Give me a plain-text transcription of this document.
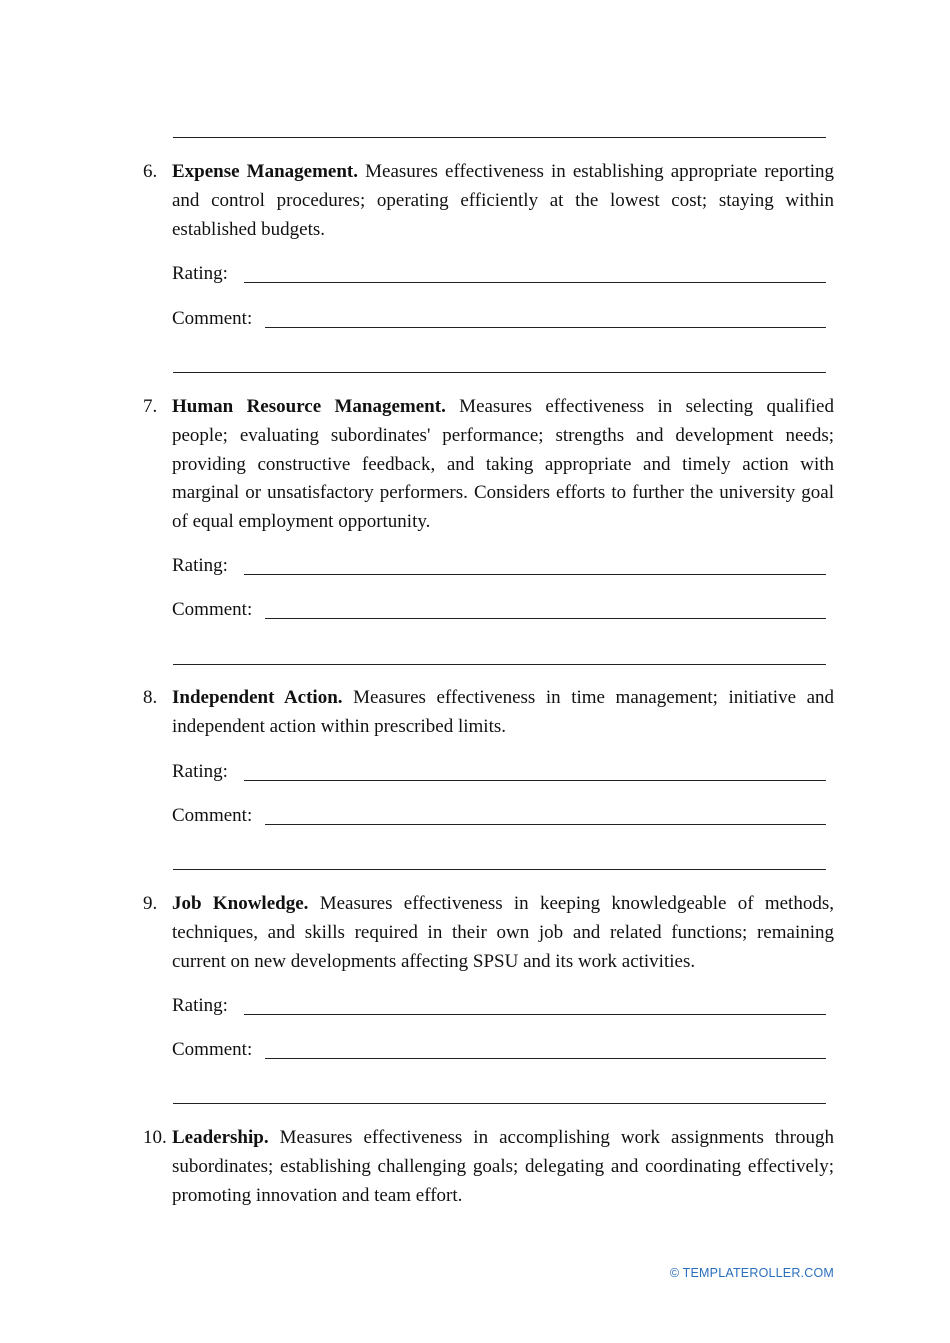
6. Expense Management. Measures effectiveness in establishing appropriate reporting and control procedures; operating efficiently at the lowest cost; staying within established budgets.
Rating:
Comment:
7. Human Resource Management. Measures effectiveness in selecting qualified people; evaluating subordinates' performance; strengths and development needs; providing constructive feedback, and taking appropriate and timely action with marginal or unsatisfactory performers. Considers efforts to further the university goal of equal employment opportunity.
Rating:
Comment:
8. Independent Action. Measures effectiveness in time management; initiative and independent action within prescribed limits.
Rating:
Comment:
9. Job Knowledge. Measures effectiveness in keeping knowledgeable of methods, techniques, and skills required in their own job and related functions; remaining current on new developments affecting SPSU and its work activities.
Rating:
Comment:
10. Leadership. Measures effectiveness in accomplishing work assignments through subordinates; establishing challenging goals; delegating and coordinating effectively; promoting innovation and team effort.
© TEMPLATEROLLER.COM
